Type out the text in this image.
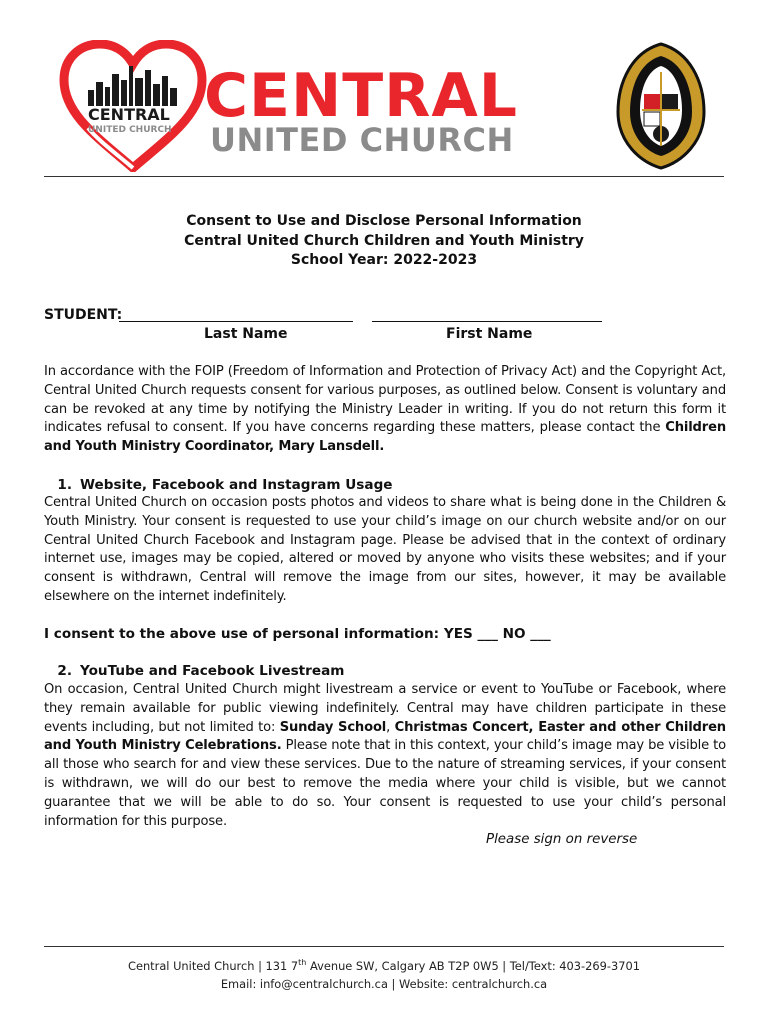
CENTRAL
UNITED CHURCH CENTRAL
UNITED CHURCH
Consent to Use and Disclose Personal Information
Central United Church Children and Youth Ministry
School Year: 2022-2023
STUDENT:
Last Name	First Name
In accordance with the FOIP (Freedom of Information and Protection of Privacy Act) and the Copyright Act, Central United Church requests consent for various purposes, as outlined below. Consent is voluntary and can be revoked at any time by notifying the Ministry Leader in writing. If you do not return this form it indicates refusal to consent. If you have concerns regarding these matters, please contact the Children and Youth Ministry Coordinator, Mary Lansdell.
1. Website, Facebook and Instagram Usage
Central United Church on occasion posts photos and videos to share what is being done in the Children & Youth Ministry. Your consent is requested to use your child’s image on our church website and/or on our Central United Church Facebook and Instagram page. Please be advised that in the context of ordinary internet use, images may be copied, altered or moved by anyone who visits these websites; and if your consent is withdrawn, Central will remove the image from our sites, however, it may be available elsewhere on the internet indefinitely.
I consent to the above use of personal information: YES ___ NO ___
2. YouTube and Facebook Livestream
On occasion, Central United Church might livestream a service or event to YouTube or Facebook, where they remain available for public viewing indefinitely. Central may have children participate in these events including, but not limited to: Sunday School, Christmas Concert, Easter and other Children and Youth Ministry Celebrations. Please note that in this context, your child’s image may be visible to all those who search for and view these services. Due to the nature of streaming services, if your consent is withdrawn, we will do our best to remove the media where your child is visible, but we cannot guarantee that we will be able to do so. Your consent is requested to use your child’s personal information for this purpose.
Please sign on reverse
Central United Church | 131 7th Avenue SW, Calgary AB T2P 0W5 | Tel/Text: 403-269-3701
Email: info@centralchurch.ca | Website: centralchurch.ca
